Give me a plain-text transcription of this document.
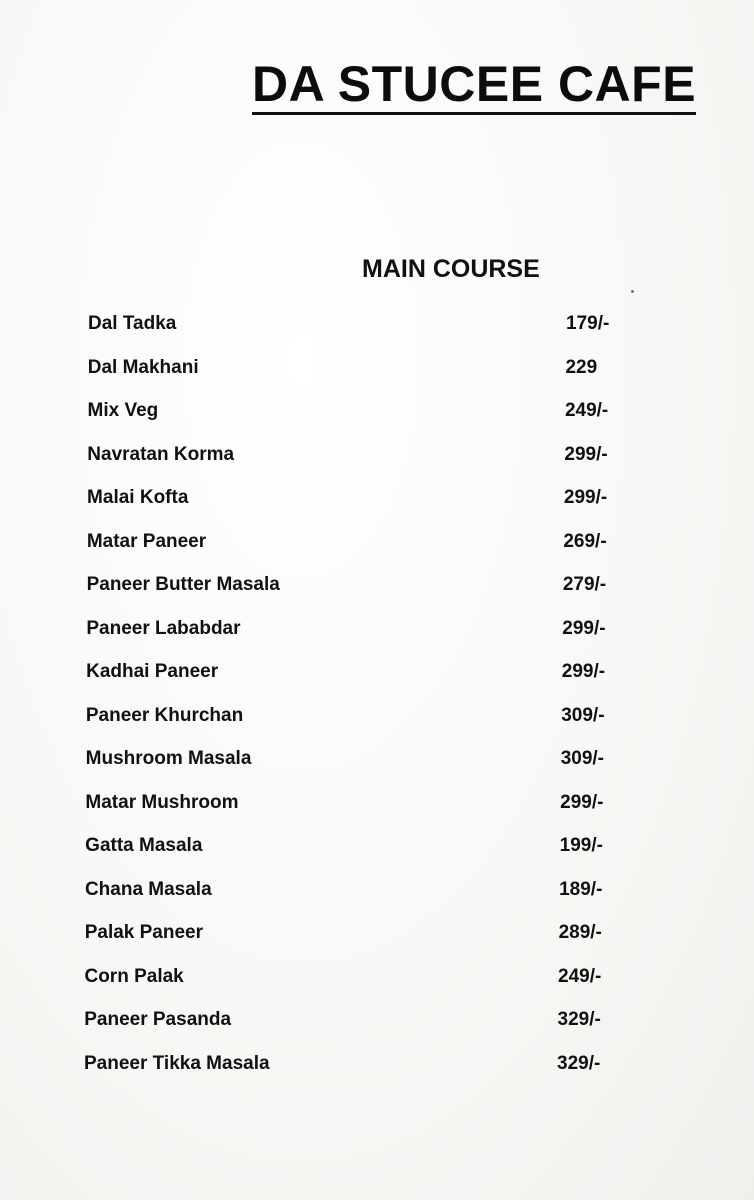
DA STUCEE CAFE
MAIN COURSE
Dal Tadka	179/-
Dal Makhani	229
Mix Veg	249/-
Navratan Korma	299/-
Malai Kofta	299/-
Matar Paneer	269/-
Paneer Butter Masala	279/-
Paneer Lababdar	299/-
Kadhai Paneer	299/-
Paneer Khurchan	309/-
Mushroom Masala	309/-
Matar Mushroom	299/-
Gatta Masala	199/-
Chana Masala	189/-
Palak Paneer	289/-
Corn Palak	249/-
Paneer Pasanda	329/-
Paneer Tikka Masala	329/-
